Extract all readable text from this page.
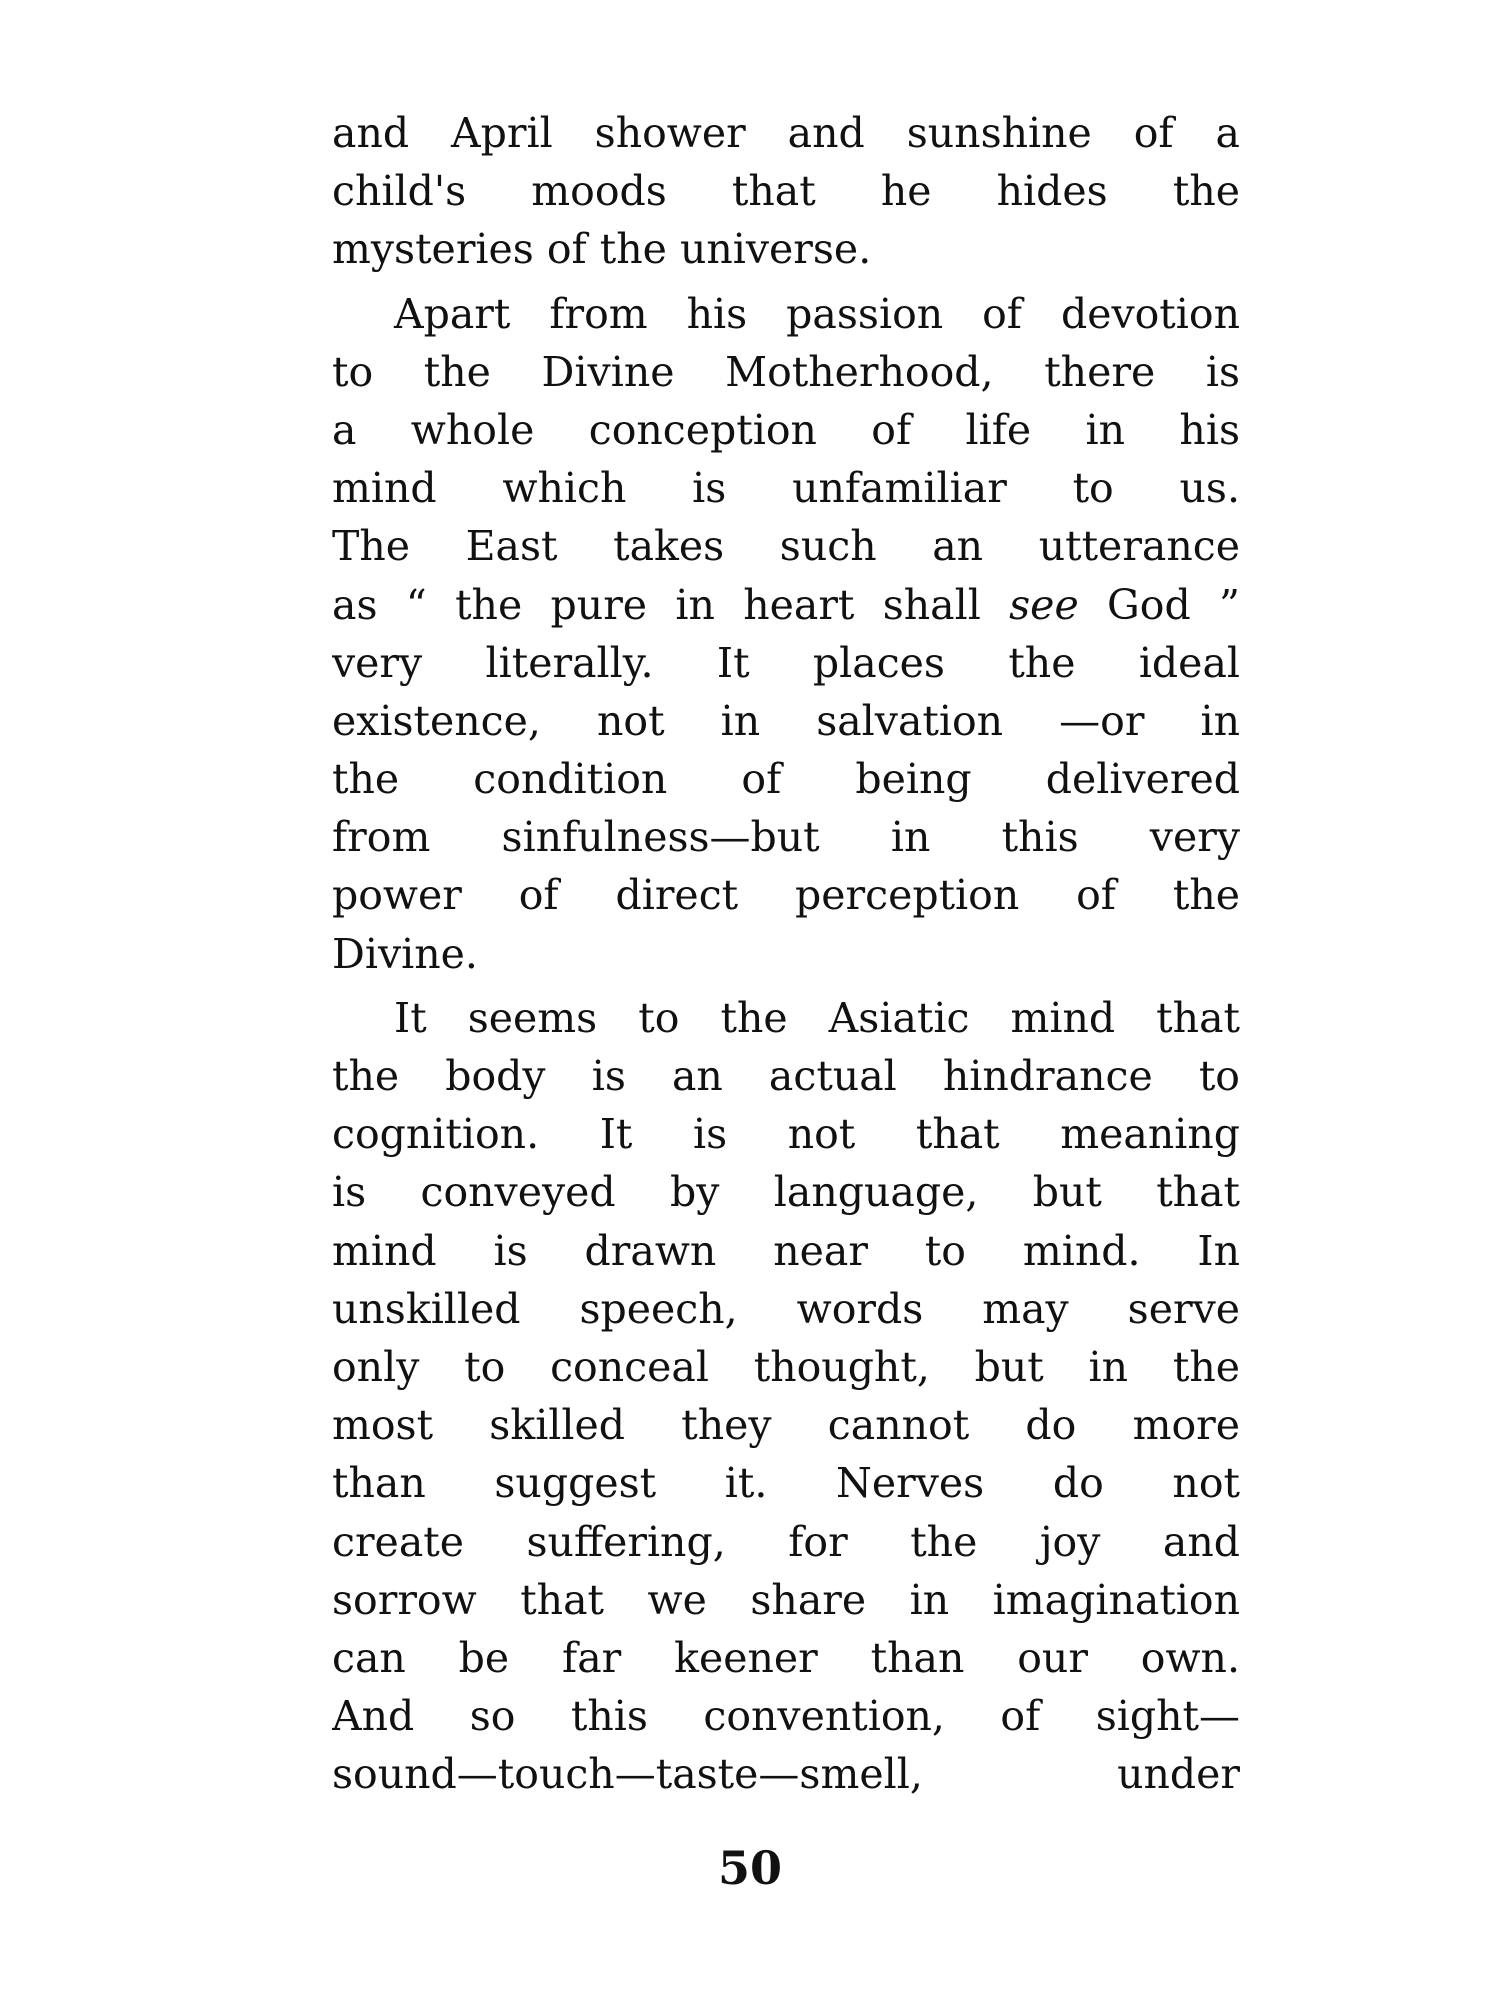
and April shower and sunshine of a
child's moods that he hides the
mysteries of the universe.
Apart from his passion of devotion
to the Divine Motherhood, there is
a whole conception of life in his
mind which is unfamiliar to us.
The East takes such an utterance
as “ the pure in heart shall see God ”
very literally. It places the ideal
existence, not in salvation —or in
the condition of being delivered
from sinfulness—but in this very
power of direct perception of the
Divine.
It seems to the Asiatic mind that
the body is an actual hindrance to
cognition. It is not that meaning
is conveyed by language, but that
mind is drawn near to mind. In
unskilled speech, words may serve
only to conceal thought, but in the
most skilled they cannot do more
than suggest it. Nerves do not
create suffering, for the joy and
sorrow that we share in imagination
can be far keener than our own.
And so this convention, of sight—
sound—touch—taste—smell, under
50
